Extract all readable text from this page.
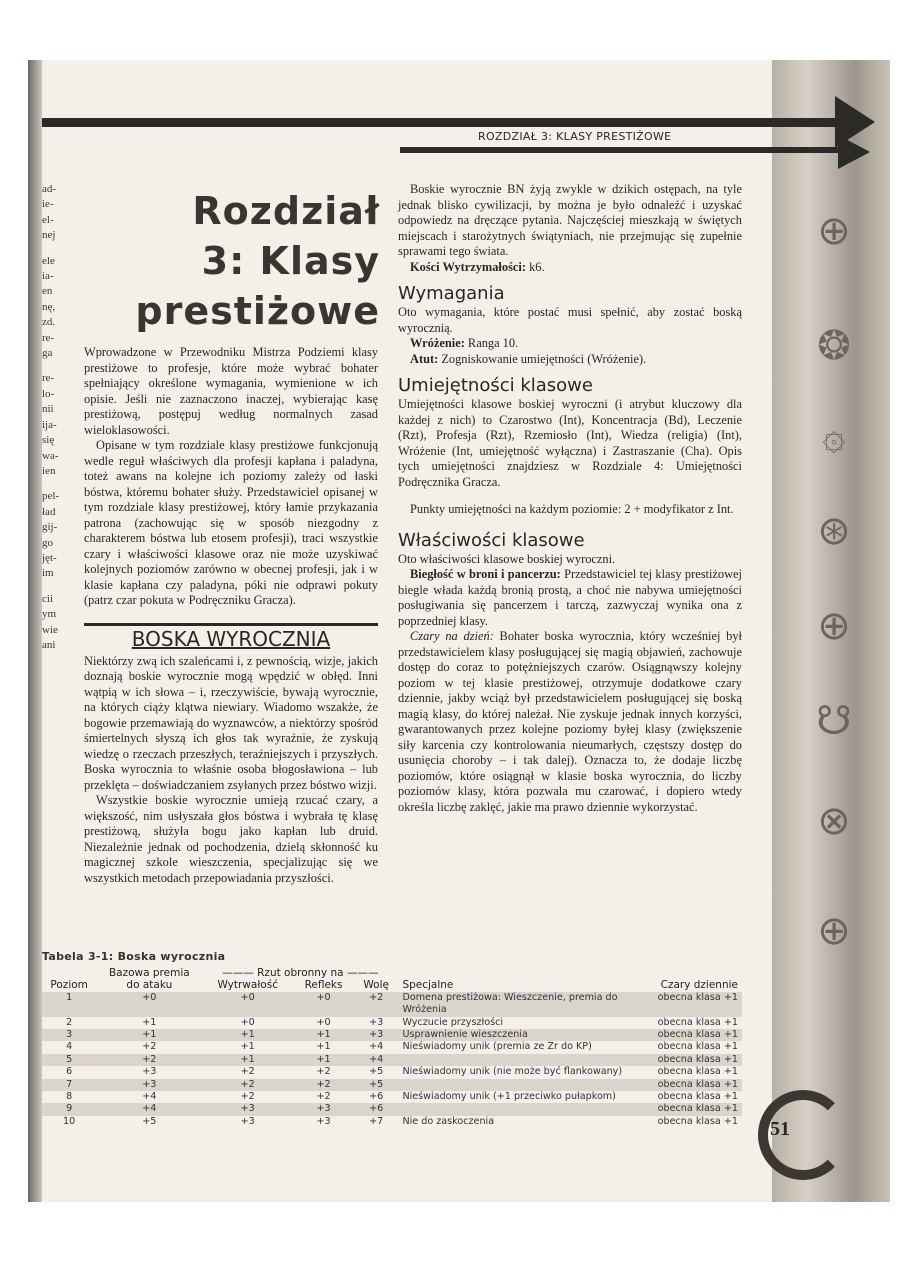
ad-
ie-
el-
nej
ele
ia-
en
nę,
zd.
re-
ga
re-
lo-
nii
ija-
się
wa-
ien
pel-
ład
gij-
go
jęt-
im
cii
ym
wie
ani
⊕
❂
۞
⊛
⊕
☋
⊗
⊕
ROZDZIAŁ 3: KLASY PRESTIŻOWE
Rozdział
3: Klasy
prestiżowe

Wprowadzone w Przewodniku Mistrza Podziemi klasy prestiżowe to profesje, które może wybrać bohater spełniający określone wymagania, wymienione w ich opisie. Jeśli nie zaznaczono inaczej, wybierając kasę prestiżową, postępuj według normalnych zasad wieloklasowości.

Opisane w tym rozdziale klasy prestiżowe funkcjonują wedle reguł właściwych dla profesji kapłana i paladyna, toteż awans na kolejne ich poziomy zależy od łaski bóstwa, któremu bohater służy. Przedstawiciel opisanej w tym rozdziale klasy prestiżowej, który łamie przykazania patrona (zachowując się w sposób niezgodny z charakterem bóstwa lub etosem profesji), traci wszystkie czary i właściwości klasowe oraz nie może uzyskiwać kolejnych poziomów zarówno w obecnej profesji, jak i w klasie kapłana czy paladyna, póki nie odprawi pokuty (patrz czar pokuta w Podręczniku Gracza).

BOSKA WYROCZNIA

Niektórzy zwą ich szaleńcami i, z pewnością, wizje, jakich doznają boskie wyrocznie mogą wpędzić w obłęd. Inni wątpią w ich słowa – i, rzeczywiście, bywają wyrocznie, na których ciąży klątwa niewiary. Wiadomo wszakże, że bogowie przemawiają do wyznawców, a niektórzy spośród śmiertelnych słyszą ich głos tak wyraźnie, że zyskują wiedzę o rzeczach przeszłych, teraźniejszych i przyszłych. Boska wyrocznia to właśnie osoba błogosławiona – lub przeklęta – doświadczaniem zsyłanych przez bóstwo wizji.

Wszystkie boskie wyrocznie umieją rzucać czary, a większość, nim usłyszała głos bóstwa i wybrała tę klasę prestiżową, służyła bogu jako kapłan lub druid. Niezależnie jednak od pochodzenia, dzielą skłonność ku magicznej szkole wieszczenia, specjalizując się we wszystkich metodach przepowiadania przyszłości.

Boskie wyrocznie BN żyją zwykle w dzikich ostępach, na tyle jednak blisko cywilizacji, by można je było odnaleźć i uzyskać odpowiedz na dręczące pytania. Najczęściej mieszkają w świętych miejscach i starożytnych świątyniach, nie przejmując się zupełnie sprawami tego świata.

Kości Wytrzymałości: k6.

Wymagania

Oto wymagania, które postać musi spełnić, aby zostać boską wyrocznią.

Wróżenie: Ranga 10.

Atut: Zogniskowanie umiejętności (Wróżenie).

Umiejętności klasowe

Umiejętności klasowe boskiej wyroczni (i atrybut kluczowy dla każdej z nich) to Czarostwo (Int), Koncentracja (Bd), Leczenie (Rzt), Profesja (Rzt), Rzemiosło (Int), Wiedza (religia) (Int), Wróżenie (Int, umiejętność wyłączna) i Zastraszanie (Cha). Opis tych umiejętności znajdziesz w Rozdziale 4: Umiejętności Podręcznika Gracza.

Punkty umiejętności na każdym poziomie: 2 + modyfikator z Int.

Właściwości klasowe

Oto właściwości klasowe boskiej wyroczni.

Biegłość w broni i pancerzu: Przedstawiciel tej klasy prestiżowej biegle włada każdą bronią prostą, a choć nie nabywa umiejętności posługiwania się pancerzem i tarczą, zazwyczaj wynika ona z poprzedniej klasy.

Czary na dzień: Bohater boska wyrocznia, który wcześniej był przedstawicielem klasy posługującej się magią objawień, zachowuje dostęp do coraz to potężniejszych czarów. Osiągnąwszy kolejny poziom w tej klasie prestiżowej, otrzymuje dodatkowe czary dziennie, jakby wciąż był przedstawicielem posługującej się boską magią klasy, do której należał. Nie zyskuje jednak innych korzyści, gwarantowanych przez kolejne poziomy byłej klasy (zwiększenie siły karcenia czy kontrolowania nieumarłych, częstszy dostęp do usunięcia choroby – i tak dalej). Oznacza to, że dodaje liczbę poziomów, które osiągnął w klasie boska wyrocznia, do liczby poziomów klasy, która pozwala mu czarować, i dopiero wtedy określa liczbę zaklęć, jakie ma prawo dziennie wykorzystać.

Tabela 3-1: Boska wyrocznia
	Bazowa premia	——— Rzut obronny na ———				
Poziom	do ataku	Wytrwałość	Refleks	Wolę	Specjalne	Czary dziennie
1	+0	+0	+0	+2	Domena prestiżowa: Wieszczenie, premia do Wróżenia	obecna klasa +1
2	+1	+0	+0	+3	Wyczucie przyszłości	obecna klasa +1
3	+1	+1	+1	+3	Usprawnienie wieszczenia	obecna klasa +1
4	+2	+1	+1	+4	Nieświadomy unik (premia ze Zr do KP)	obecna klasa +1
5	+2	+1	+1	+4		obecna klasa +1
6	+3	+2	+2	+5	Nieświadomy unik (nie może być flankowany)	obecna klasa +1
7	+3	+2	+2	+5		obecna klasa +1
8	+4	+2	+2	+6	Nieświadomy unik (+1 przeciwko pułapkom)	obecna klasa +1
9	+4	+3	+3	+6		obecna klasa +1
10	+5	+3	+3	+7	Nie do zaskoczenia	obecna klasa +1 51
